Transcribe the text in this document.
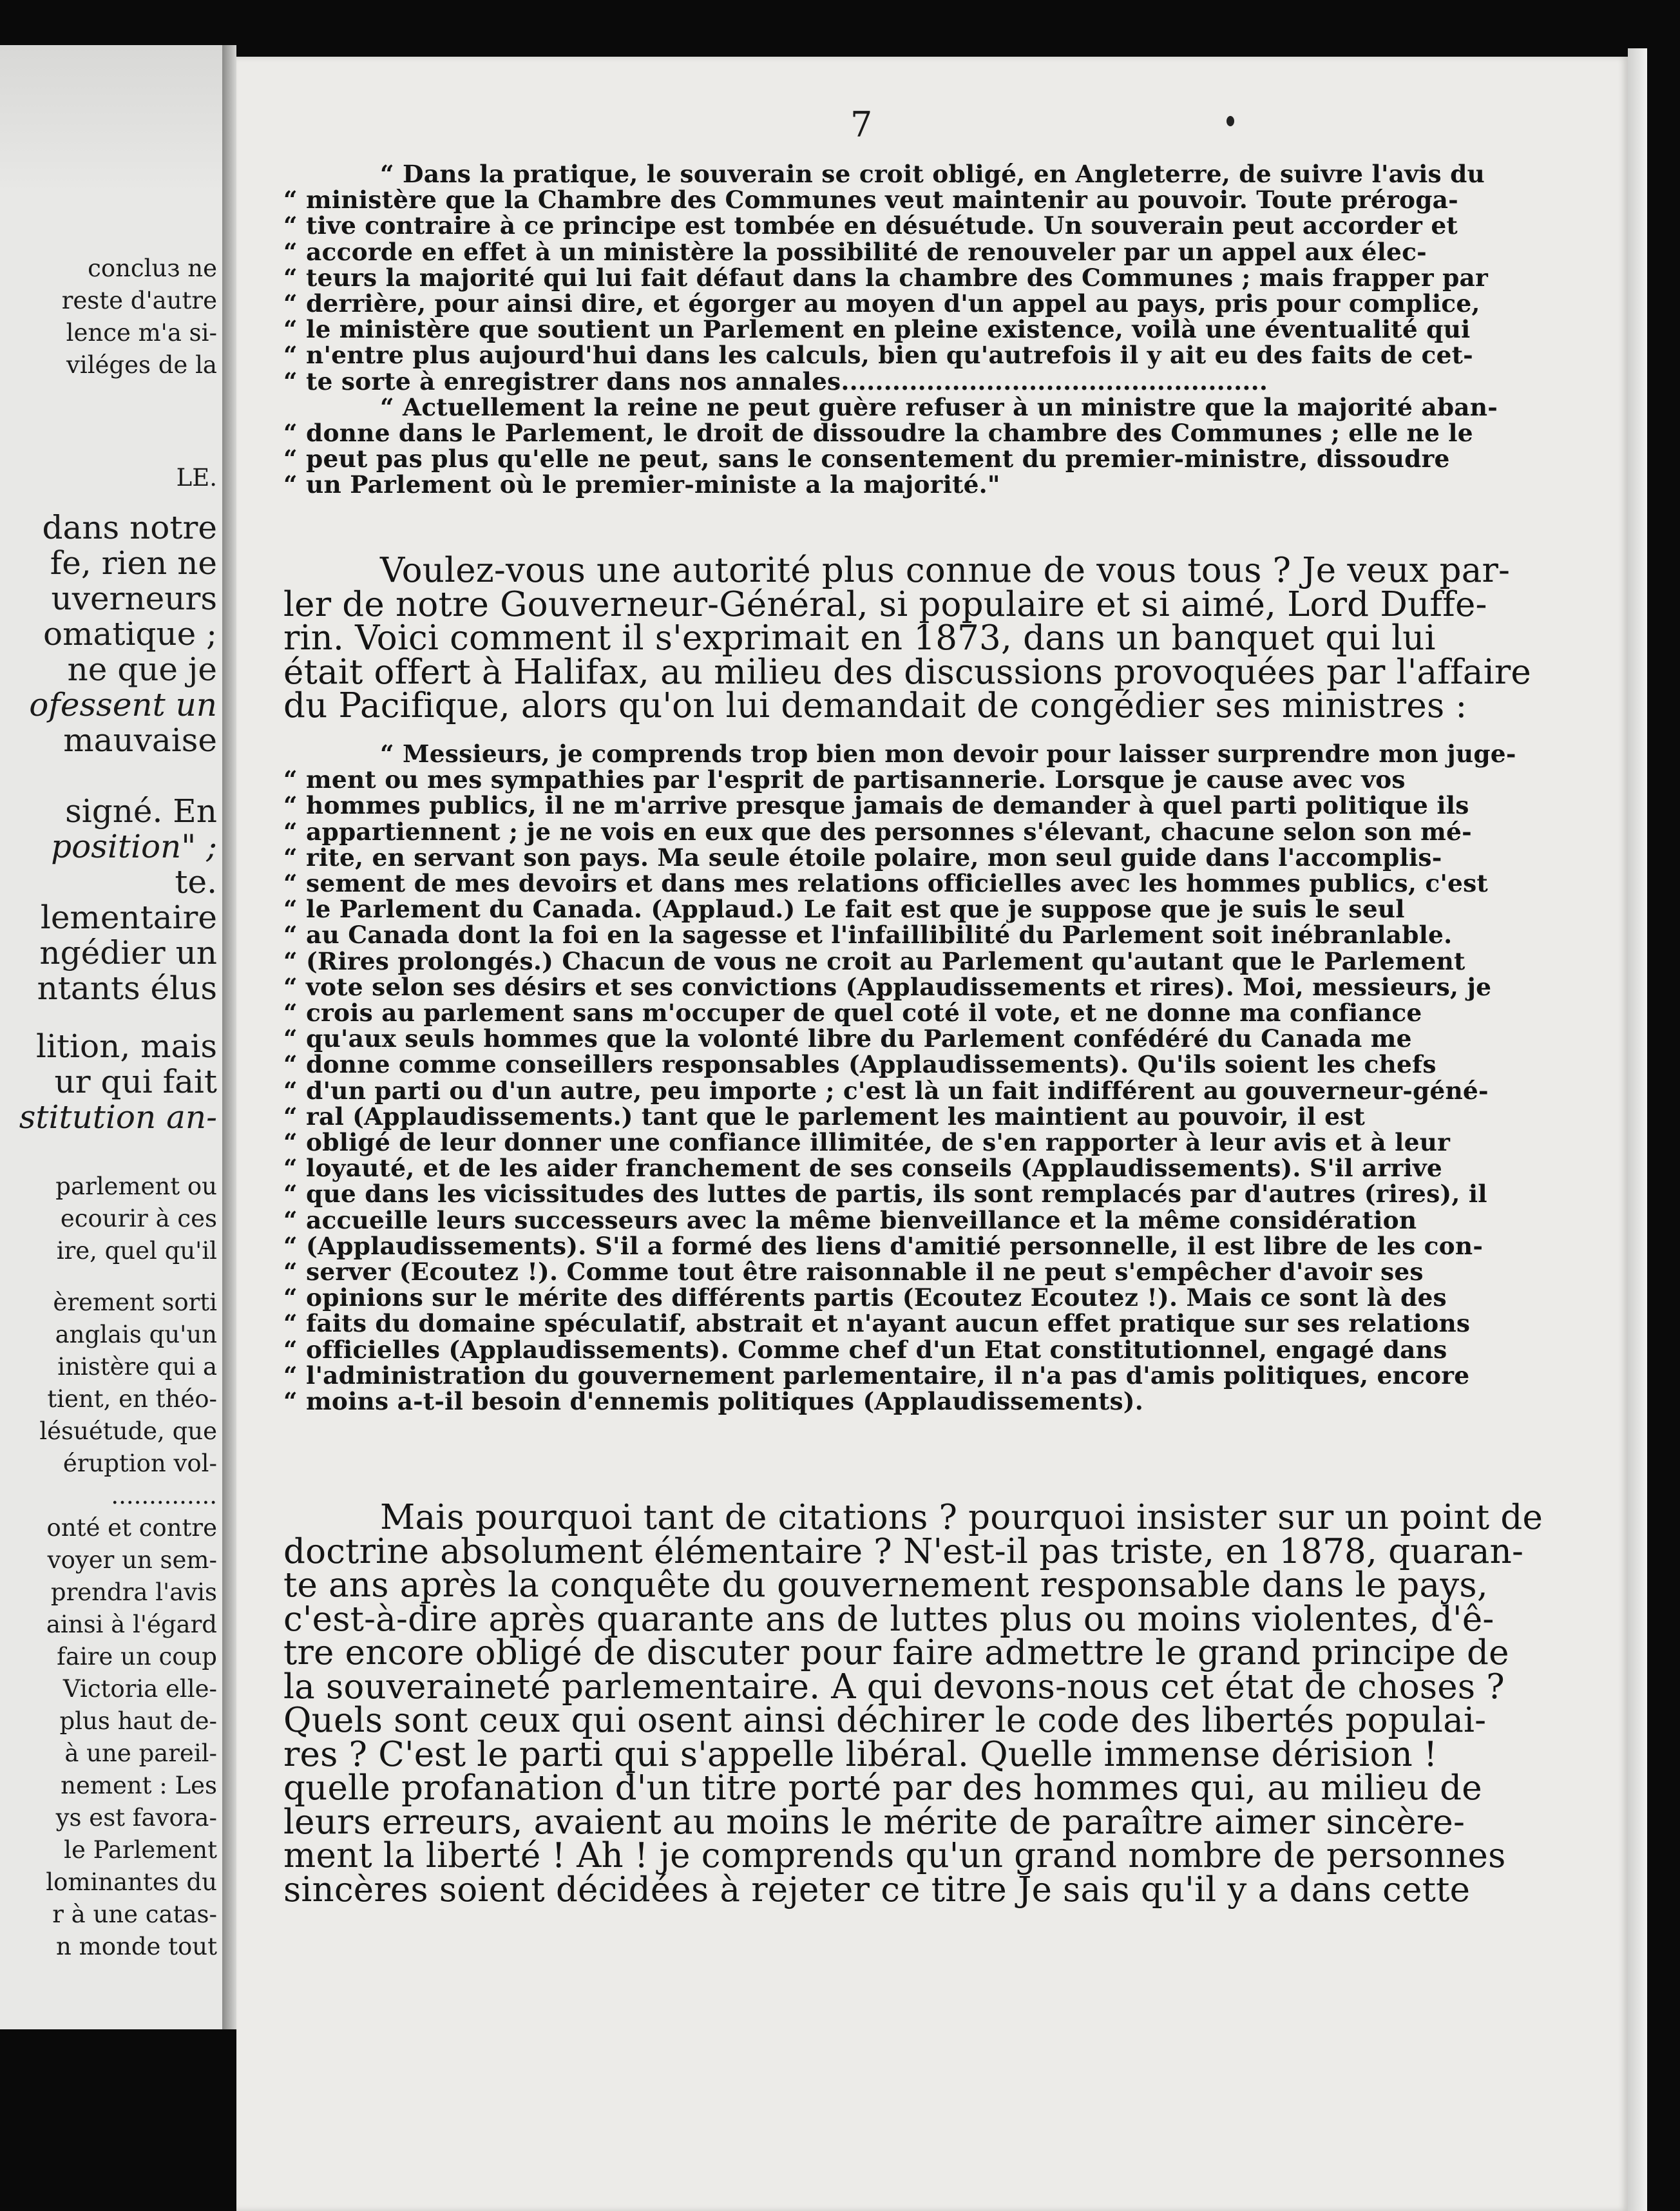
concluз ne
reste d'autre
lence m'a si-
viléges de la
LE.
dans notre
fe, rien ne
uverneurs
omatique ;
ne que je
ofessent un
mauvaise
signé. En
position" ;
te.
lementaire
ngédier un
ntants élus
lition, mais
ur qui fait
stitution an-
parlement ou
ecourir à ces
ire, quel qu'il
èrement sorti
anglais qu'un
inistère qui a
tient, en théo-
lésuétude, que
éruption vol-
..............
onté et contre
voyer un sem-
prendra l'avis
ainsi à l'égard
faire un coup
Victoria elle-
plus haut de-
à une pareil-
nement : Les
ys est favora-
le Parlement
lominantes du
r à une catas-
n monde tout
7
“ Dans la pratique, le souverain se croit obligé, en Angleterre, de suivre l'avis du
“ ministère que la Chambre des Communes veut maintenir au pouvoir. Toute préroga-
“ tive contraire à ce principe est tombée en désuétude. Un souverain peut accorder et
“ accorde en effet à un ministère la possibilité de renouveler par un appel aux élec-
“ teurs la majorité qui lui fait défaut dans la chambre des Communes ; mais frapper par
“ derrière, pour ainsi dire, et égorger au moyen d'un appel au pays, pris pour complice,
“ le ministère que soutient un Parlement en pleine existence, voilà une éventualité qui
“ n'entre plus aujourd'hui dans les calculs, bien qu'autrefois il y ait eu des faits de cet-
“ te sorte à enregistrer dans nos annales..................................................
“ Actuellement la reine ne peut guère refuser à un ministre que la majorité aban-
“ donne dans le Parlement, le droit de dissoudre la chambre des Communes ; elle ne le
“ peut pas plus qu'elle ne peut, sans le consentement du premier-ministre, dissoudre
“ un Parlement où le premier-ministe a la majorité."
Voulez-vous une autorité plus connue de vous tous ? Je veux par-
ler de notre Gouverneur-Général, si populaire et si aimé, Lord Duffe-
rin. Voici comment il s'exprimait en 1873, dans un banquet qui lui
était offert à Halifax, au milieu des discussions provoquées par l'affaire
du Pacifique, alors qu'on lui demandait de congédier ses ministres :
“ Messieurs, je comprends trop bien mon devoir pour laisser surprendre mon juge-
“ ment ou mes sympathies par l'esprit de partisannerie. Lorsque je cause avec vos
“ hommes publics, il ne m'arrive presque jamais de demander à quel parti politique ils
“ appartiennent ; je ne vois en eux que des personnes s'élevant, chacune selon son mé-
“ rite, en servant son pays. Ma seule étoile polaire, mon seul guide dans l'accomplis-
“ sement de mes devoirs et dans mes relations officielles avec les hommes publics, c'est
“ le Parlement du Canada. (Applaud.) Le fait est que je suppose que je suis le seul
“ au Canada dont la foi en la sagesse et l'infaillibilité du Parlement soit inébranlable.
“ (Rires prolongés.) Chacun de vous ne croit au Parlement qu'autant que le Parlement
“ vote selon ses désirs et ses convictions (Applaudissements et rires). Moi, messieurs, je
“ crois au parlement sans m'occuper de quel coté il vote, et ne donne ma confiance
“ qu'aux seuls hommes que la volonté libre du Parlement confédéré du Canada me
“ donne comme conseillers responsables (Applaudissements). Qu'ils soient les chefs
“ d'un parti ou d'un autre, peu importe ; c'est là un fait indifférent au gouverneur-géné-
“ ral (Applaudissements.) tant que le parlement les maintient au pouvoir, il est
“ obligé de leur donner une confiance illimitée, de s'en rapporter à leur avis et à leur
“ loyauté, et de les aider franchement de ses conseils (Applaudissements). S'il arrive
“ que dans les vicissitudes des luttes de partis, ils sont remplacés par d'autres (rires), il
“ accueille leurs successeurs avec la même bienveillance et la même considération
“ (Applaudissements). S'il a formé des liens d'amitié personnelle, il est libre de les con-
“ server (Ecoutez !). Comme tout être raisonnable il ne peut s'empêcher d'avoir ses
“ opinions sur le mérite des différents partis (Ecoutez Ecoutez !). Mais ce sont là des
“ faits du domaine spéculatif, abstrait et n'ayant aucun effet pratique sur ses relations
“ officielles (Applaudissements). Comme chef d'un Etat constitutionnel, engagé dans
“ l'administration du gouvernement parlementaire, il n'a pas d'amis politiques, encore
“ moins a-t-il besoin d'ennemis politiques (Applaudissements).
Mais pourquoi tant de citations ? pourquoi insister sur un point de
doctrine absolument élémentaire ? N'est-il pas triste, en 1878, quaran-
te ans après la conquête du gouvernement responsable dans le pays,
c'est-à-dire après quarante ans de luttes plus ou moins violentes, d'ê-
tre encore obligé de discuter pour faire admettre le grand principe de
la souveraineté parlementaire. A qui devons-nous cet état de choses ?
Quels sont ceux qui osent ainsi déchirer le code des libertés populai-
res ? C'est le parti qui s'appelle libéral. Quelle immense dérision !
quelle profanation d'un titre porté par des hommes qui, au milieu de
leurs erreurs, avaient au moins le mérite de paraître aimer sincère-
ment la liberté ! Ah ! je comprends qu'un grand nombre de personnes
sincères soient décidées à rejeter ce titre Je sais qu'il y a dans cette
